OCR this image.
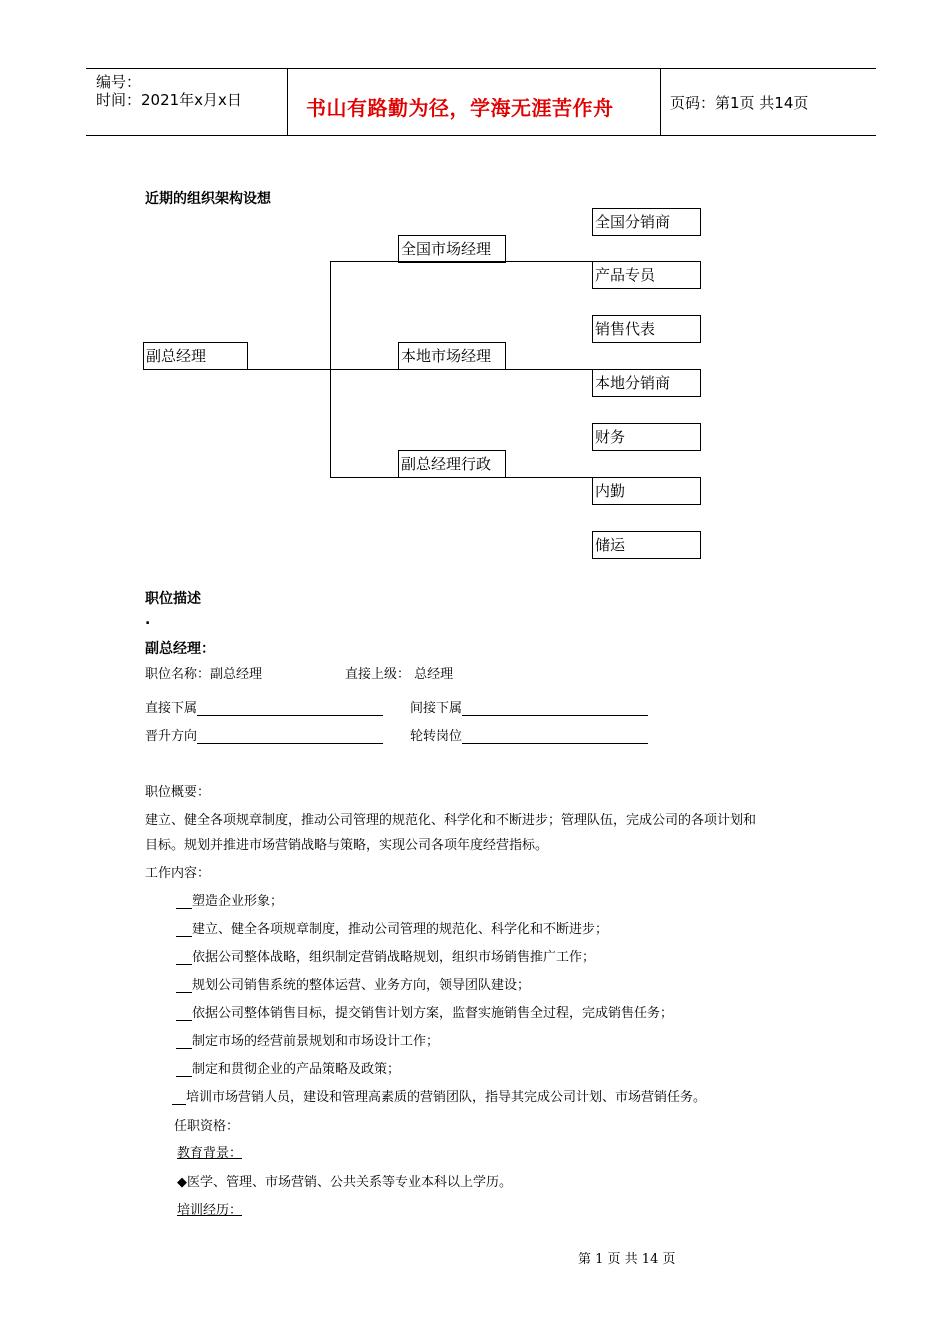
编号：
时间：2021年x月x日	书山有路勤为径，学海无涯苦作舟	页码：第1页 共14页
近期的组织架构设想
副总经理
全国市场经理
本地市场经理
副总经理行政
全国分销商
产品专员
销售代表
本地分销商
财务
内勤
储运
职位描述
.
副总经理：
职位名称：副总经理	直接上级： 总经理
直接下属	间接下属
晋升方向	轮转岗位
职位概要：
建立、健全各项规章制度，推动公司管理的规范化、科学化和不断进步；管理队伍，完成公司的各项计划和
目标。规划并推进市场营销战略与策略，实现公司各项年度经营指标。
工作内容：
塑造企业形象；
建立、健全各项规章制度，推动公司管理的规范化、科学化和不断进步；
依据公司整体战略，组织制定营销战略规划，组织市场销售推广工作；
规划公司销售系统的整体运营、业务方向，领导团队建设；
依据公司整体销售目标，提交销售计划方案，监督实施销售全过程，完成销售任务；
制定市场的经营前景规划和市场设计工作；
制定和贯彻企业的产品策略及政策；
培训市场营销人员，建设和管理高素质的营销团队，指导其完成公司计划、市场营销任务。
任职资格：
教育背景：
◆医学、管理、市场营销、公共关系等专业本科以上学历。
培训经历：
第 1 页 共 14 页
